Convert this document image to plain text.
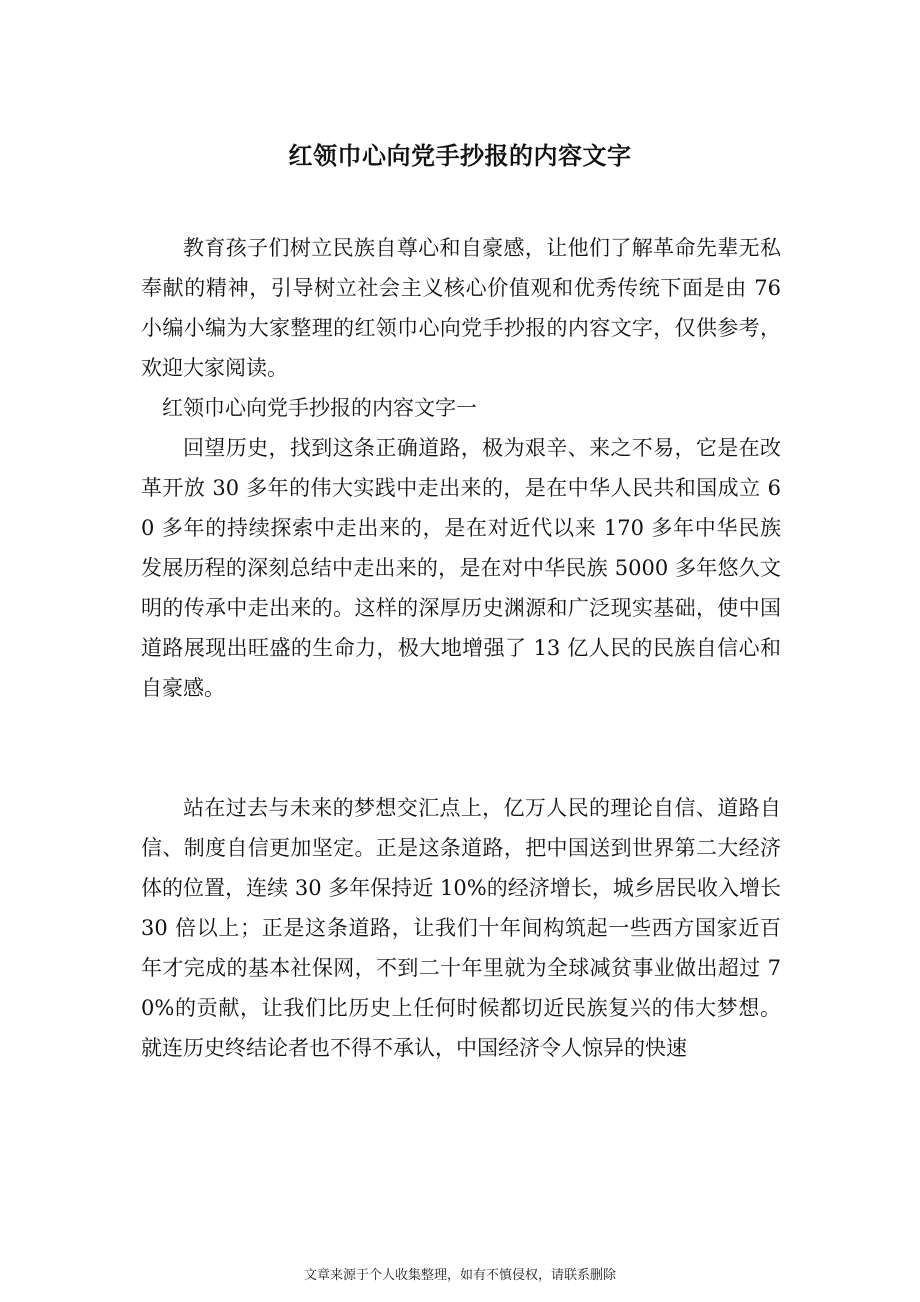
红领巾心向党手抄报的内容文字

教育孩子们树立民族自尊心和自豪感，让他们了解革命先辈无私奉献的精神，引导树立社会主义核心价值观和优秀传统下面是由 76 小编小编为大家整理的红领巾心向党手抄报的内容文字，仅供参考，欢迎大家阅读。

红领巾心向党手抄报的内容文字一

回望历史，找到这条正确道路，极为艰辛、来之不易，它是在改革开放 30 多年的伟大实践中走出来的，是在中华人民共和国成立 60 多年的持续探索中走出来的，是在对近代以来 170 多年中华民族发展历程的深刻总结中走出来的，是在对中华民族 5000 多年悠久文明的传承中走出来的。这样的深厚历史渊源和广泛现实基础，使中国道路展现出旺盛的生命力，极大地增强了 13 亿人民的民族自信心和自豪感。

站在过去与未来的梦想交汇点上，亿万人民的理论自信、道路自信、制度自信更加坚定。正是这条道路，把中国送到世界第二大经济体的位置，连续 30 多年保持近 10%的经济增长，城乡居民收入增长 30 倍以上；正是这条道路，让我们十年间构筑起一些西方国家近百年才完成的基本社保网，不到二十年里就为全球减贫事业做出超过 70%的贡献，让我们比历史上任何时候都切近民族复兴的伟大梦想。就连历史终结论者也不得不承认，中国经济令人惊异的快速

文章来源于个人收集整理，如有不慎侵权，请联系删除
